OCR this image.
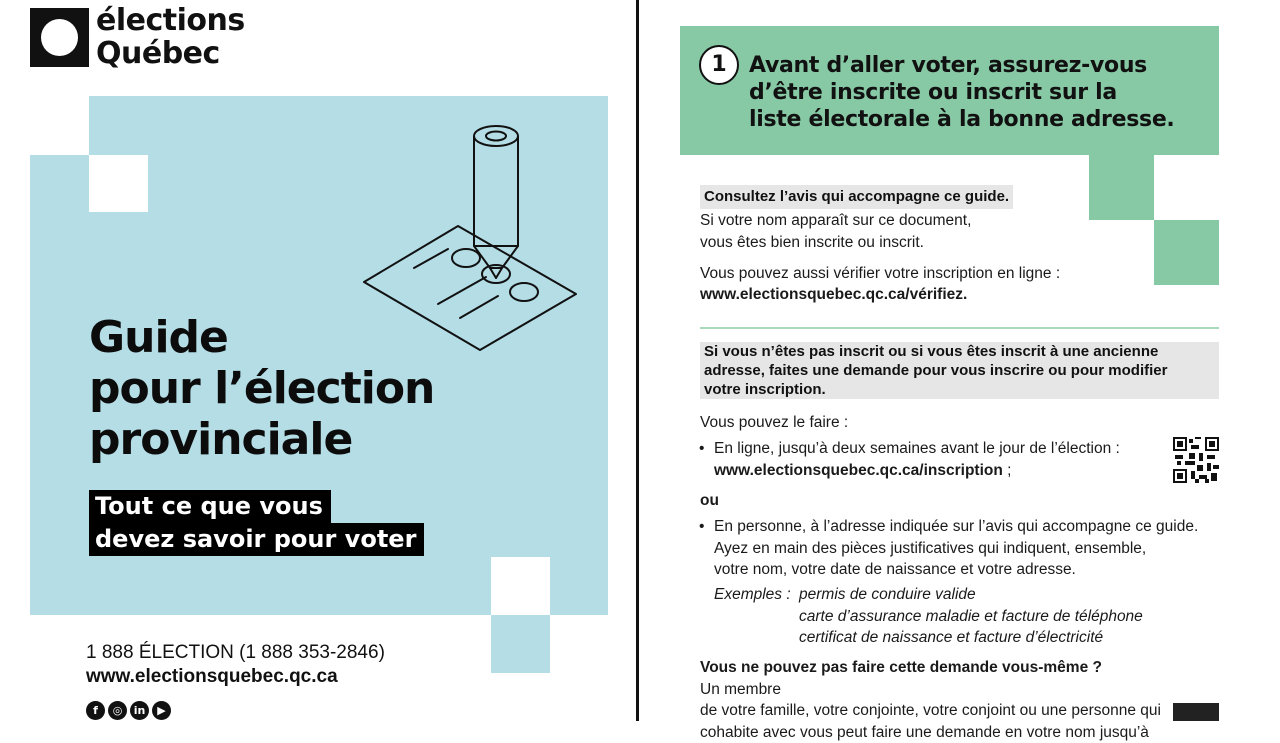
élections
Québec
Guide
pour l’élection
provinciale
Tout ce que vous
devez savoir pour voter
1 888 ÉLECTION (1 888 353-2846)
www.electionsquebec.qc.ca
f	◎	in	▶
1	Avant d’aller voter, assurez-vous
d’être inscrite ou inscrit sur la
liste électorale à la bonne adresse.
Consultez l’avis qui accompagne ce guide.
Si votre nom apparaît sur ce document,
vous êtes bien inscrite ou inscrit.
Vous pouvez aussi vérifier votre inscription en ligne :
www.electionsquebec.qc.ca/vérifiez.
Si vous n’êtes pas inscrit ou si vous êtes inscrit à une ancienne
adresse, faites une demande pour vous inscrire ou pour modifier
votre inscription.
Vous pouvez le faire :
• En ligne, jusqu’à deux semaines avant le jour de l’élection :
www.electionsquebec.qc.ca/inscription ;
ou
• En personne, à l’adresse indiquée sur l’avis qui accompagne ce guide.
Ayez en main des pièces justificatives qui indiquent, ensemble,
votre nom, votre date de naissance et votre adresse.
Exemples : permis de conduire valide
carte d’assurance maladie et facture de téléphone
certificat de naissance et facture d’électricité
Vous ne pouvez pas faire cette demande vous-même ?
Un membre
de votre famille, votre conjointe, votre conjoint ou une personne qui
cohabite avec vous peut faire une demande en votre nom jusqu’à
